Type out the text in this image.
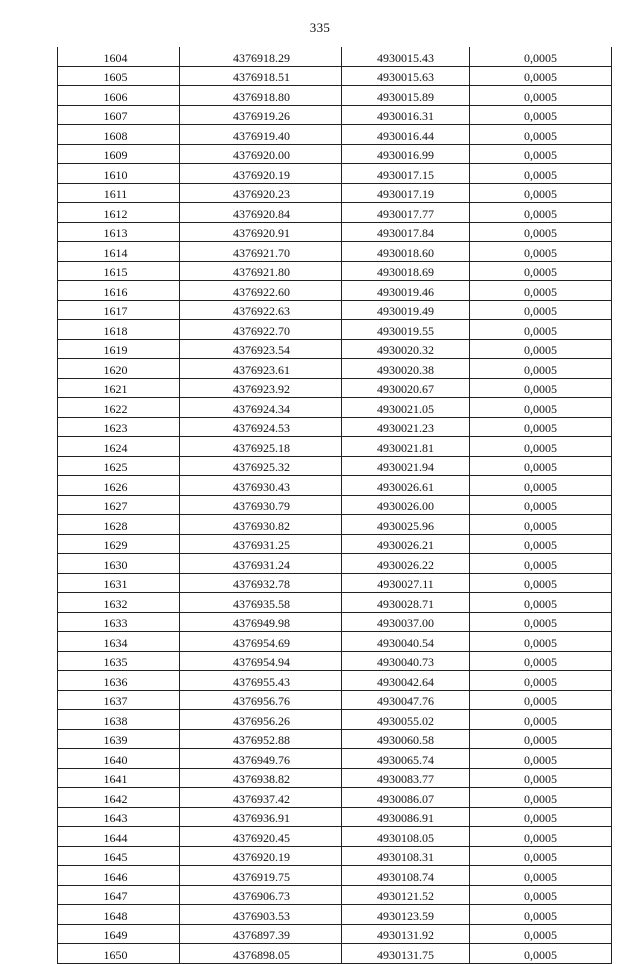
335
1604	4376918.29	4930015.43	0,0005
1605	4376918.51	4930015.63	0,0005
1606	4376918.80	4930015.89	0,0005
1607	4376919.26	4930016.31	0,0005
1608	4376919.40	4930016.44	0,0005
1609	4376920.00	4930016.99	0,0005
1610	4376920.19	4930017.15	0,0005
1611	4376920.23	4930017.19	0,0005
1612	4376920.84	4930017.77	0,0005
1613	4376920.91	4930017.84	0,0005
1614	4376921.70	4930018.60	0,0005
1615	4376921.80	4930018.69	0,0005
1616	4376922.60	4930019.46	0,0005
1617	4376922.63	4930019.49	0,0005
1618	4376922.70	4930019.55	0,0005
1619	4376923.54	4930020.32	0,0005
1620	4376923.61	4930020.38	0,0005
1621	4376923.92	4930020.67	0,0005
1622	4376924.34	4930021.05	0,0005
1623	4376924.53	4930021.23	0,0005
1624	4376925.18	4930021.81	0,0005
1625	4376925.32	4930021.94	0,0005
1626	4376930.43	4930026.61	0,0005
1627	4376930.79	4930026.00	0,0005
1628	4376930.82	4930025.96	0,0005
1629	4376931.25	4930026.21	0,0005
1630	4376931.24	4930026.22	0,0005
1631	4376932.78	4930027.11	0,0005
1632	4376935.58	4930028.71	0,0005
1633	4376949.98	4930037.00	0,0005
1634	4376954.69	4930040.54	0,0005
1635	4376954.94	4930040.73	0,0005
1636	4376955.43	4930042.64	0,0005
1637	4376956.76	4930047.76	0,0005
1638	4376956.26	4930055.02	0,0005
1639	4376952.88	4930060.58	0,0005
1640	4376949.76	4930065.74	0,0005
1641	4376938.82	4930083.77	0,0005
1642	4376937.42	4930086.07	0,0005
1643	4376936.91	4930086.91	0,0005
1644	4376920.45	4930108.05	0,0005
1645	4376920.19	4930108.31	0,0005
1646	4376919.75	4930108.74	0,0005
1647	4376906.73	4930121.52	0,0005
1648	4376903.53	4930123.59	0,0005
1649	4376897.39	4930131.92	0,0005
1650	4376898.05	4930131.75	0,0005
